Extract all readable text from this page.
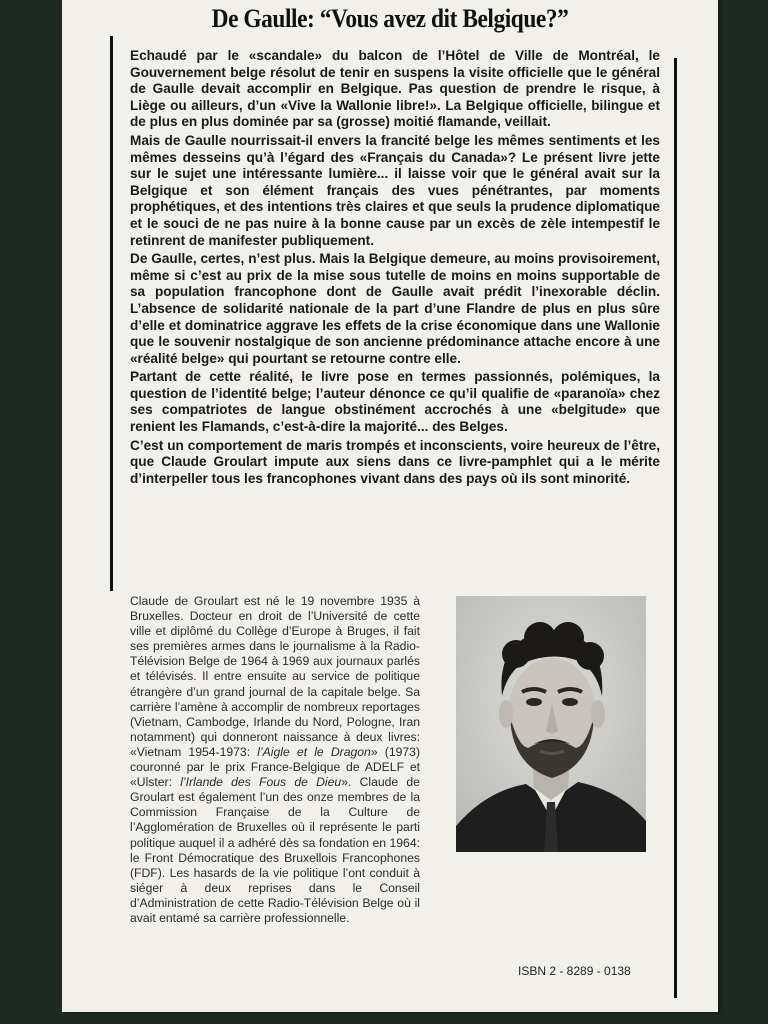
De Gaulle: “Vous avez dit Belgique?”

Echaudé par le «scandale» du balcon de l’Hôtel de Ville de Montréal, le Gouvernement belge résolut de tenir en suspens la visite officielle que le général de Gaulle devait accomplir en Belgique. Pas question de prendre le risque, à Liège ou ailleurs, d’un «Vive la Wallonie libre!». La Belgique officielle, bilingue et de plus en plus dominée par sa (grosse) moitié flamande, veillait.

Mais de Gaulle nourrissait-il envers la francité belge les mêmes sentiments et les mêmes desseins qu’à l’égard des «Français du Canada»? Le présent livre jette sur le sujet une intéressante lumière... il laisse voir que le général avait sur la Belgique et son élément français des vues pénétrantes, par moments prophétiques, et des intentions très claires et que seuls la prudence diplomatique et le souci de ne pas nuire à la bonne cause par un excès de zèle intempestif le retinrent de manifester publiquement.

De Gaulle, certes, n’est plus. Mais la Belgique demeure, au moins provisoirement, même si c’est au prix de la mise sous tutelle de moins en moins supportable de sa population francophone dont de Gaulle avait prédit l’inexorable déclin. L’absence de solidarité nationale de la part d’une Flandre de plus en plus sûre d’elle et dominatrice aggrave les effets de la crise économique dans une Wallonie que le souvenir nostalgique de son ancienne prédominance attache encore à une «réalité belge» qui pourtant se retourne contre elle.

Partant de cette réalité, le livre pose en termes passionnés, polémiques, la question de l’identité belge; l’auteur dénonce ce qu’il qualifie de «paranoïa» chez ses compatriotes de langue obstinément accrochés à une «belgitude» que renient les Flamands, c’est-à-dire la majorité... des Belges.

C’est un comportement de maris trompés et inconscients, voire heureux de l’être, que Claude Groulart impute aux siens dans ce livre-pamphlet qui a le mérite d’interpeller tous les francophones vivant dans des pays où ils sont minorité.

Claude de Groulart est né le 19 novembre 1935 à Bruxelles. Docteur en droit de l’Université de cette ville et diplômé du Collège d’Europe à Bruges, il fait ses premières armes dans le journalisme à la Radio-Télévision Belge de 1964 à 1969 aux journaux parlés et télévisés. Il entre ensuite au service de politique étrangère d’un grand journal de la capitale belge. Sa carrière l’amène à accomplir de nombreux reportages (Vietnam, Cambodge, Irlande du Nord, Pologne, Iran notamment) qui donneront naissance à deux livres: «Vietnam 1954-1973: l’Aigle et le Dragon» (1973) couronné par le prix France-Belgique de ADELF et «Ulster: l’Irlande des Fous de Dieu». Claude de Groulart est également l’un des onze membres de la Commission Française de la Culture de l’Agglomération de Bruxelles où il représente le parti politique auquel il a adhéré dès sa fondation en 1964: le Front Démocratique des Bruxellois Francophones (FDF). Les hasards de la vie politique l’ont conduit à siéger à deux reprises dans le Conseil d’Administration de cette Radio-Télévision Belge où il avait entamé sa carrière professionnelle.
ISBN 2 - 8289 - 0138
